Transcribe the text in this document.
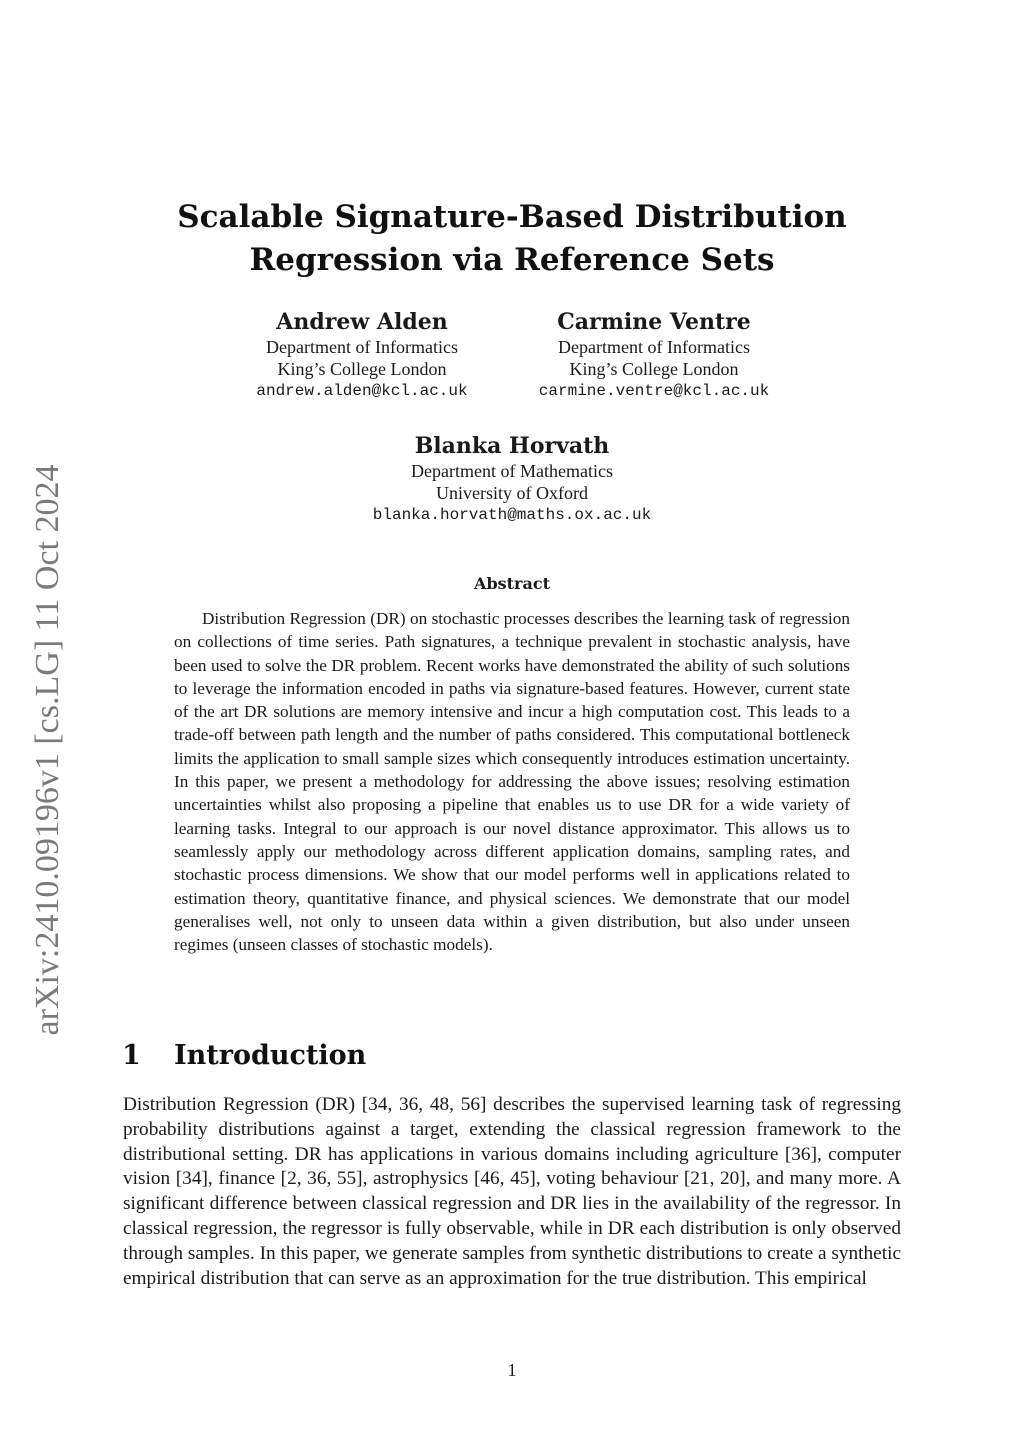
arXiv:2410.09196v1 [cs.LG] 11 Oct 2024
Scalable Signature-Based Distribution
Regression via Reference Sets
Andrew Alden
Department of Informatics
King’s College London
andrew.alden@kcl.ac.uk
Carmine Ventre
Department of Informatics
King’s College London
carmine.ventre@kcl.ac.uk
Blanka Horvath
Department of Mathematics
University of Oxford
blanka.horvath@maths.ox.ac.uk
Abstract
Distribution Regression (DR) on stochastic processes describes the learning task of regression on collections of time series. Path signatures, a technique prevalent in stochastic analysis, have been used to solve the DR problem. Recent works have demonstrated the ability of such solutions to leverage the information encoded in paths via signature-based features. However, current state of the art DR solutions are memory intensive and incur a high computation cost. This leads to a trade-off between path length and the number of paths considered. This computational bottleneck limits the application to small sample sizes which consequently introduces estimation uncertainty. In this paper, we present a methodology for addressing the above issues; resolving estimation uncertainties whilst also proposing a pipeline that enables us to use DR for a wide variety of learning tasks. Integral to our approach is our novel distance approximator. This allows us to seamlessly apply our methodology across different application domains, sampling rates, and stochastic process dimensions. We show that our model performs well in applications related to estimation theory, quantitative finance, and physical sciences. We demonstrate that our model generalises well, not only to unseen data within a given distribution, but also under unseen regimes (unseen classes of stochastic models).
1 Introduction
Distribution Regression (DR) [34, 36, 48, 56] describes the supervised learning task of regressing probability distributions against a target, extending the classical regression framework to the distributional setting. DR has applications in various domains including agriculture [36], computer vision [34], finance [2, 36, 55], astrophysics [46, 45], voting behaviour [21, 20], and many more. A significant difference between classical regression and DR lies in the availability of the regressor. In classical regression, the regressor is fully observable, while in DR each distribution is only observed through samples. In this paper, we generate samples from synthetic distributions to create a synthetic empirical distribution that can serve as an approximation for the true distribution. This empirical
1
